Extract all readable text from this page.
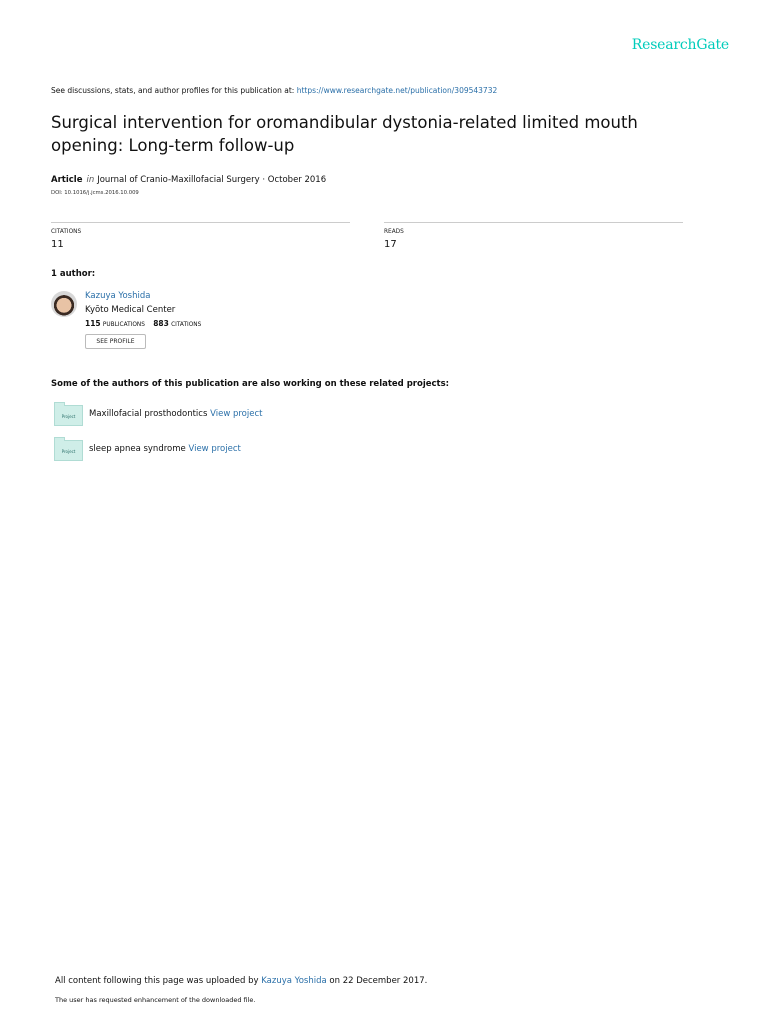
ResearchGate
See discussions, stats, and author profiles for this publication at: https://www.researchgate.net/publication/309543732
Surgical intervention for oromandibular dystonia-related limited mouth opening: Long-term follow-up
Article in Journal of Cranio-Maxillofacial Surgery · October 2016
DOI: 10.1016/j.jcms.2016.10.009
CITATIONS
11
READS
17
1 author:
Kazuya Yoshida
Kyōto Medical Center
115 PUBLICATIONS 883 CITATIONS
SEE PROFILE
Some of the authors of this publication are also working on these related projects:
Project	Maxillofacial prosthodontics View project
Project	sleep apnea syndrome View project
All content following this page was uploaded by Kazuya Yoshida on 22 December 2017.
The user has requested enhancement of the downloaded file.
